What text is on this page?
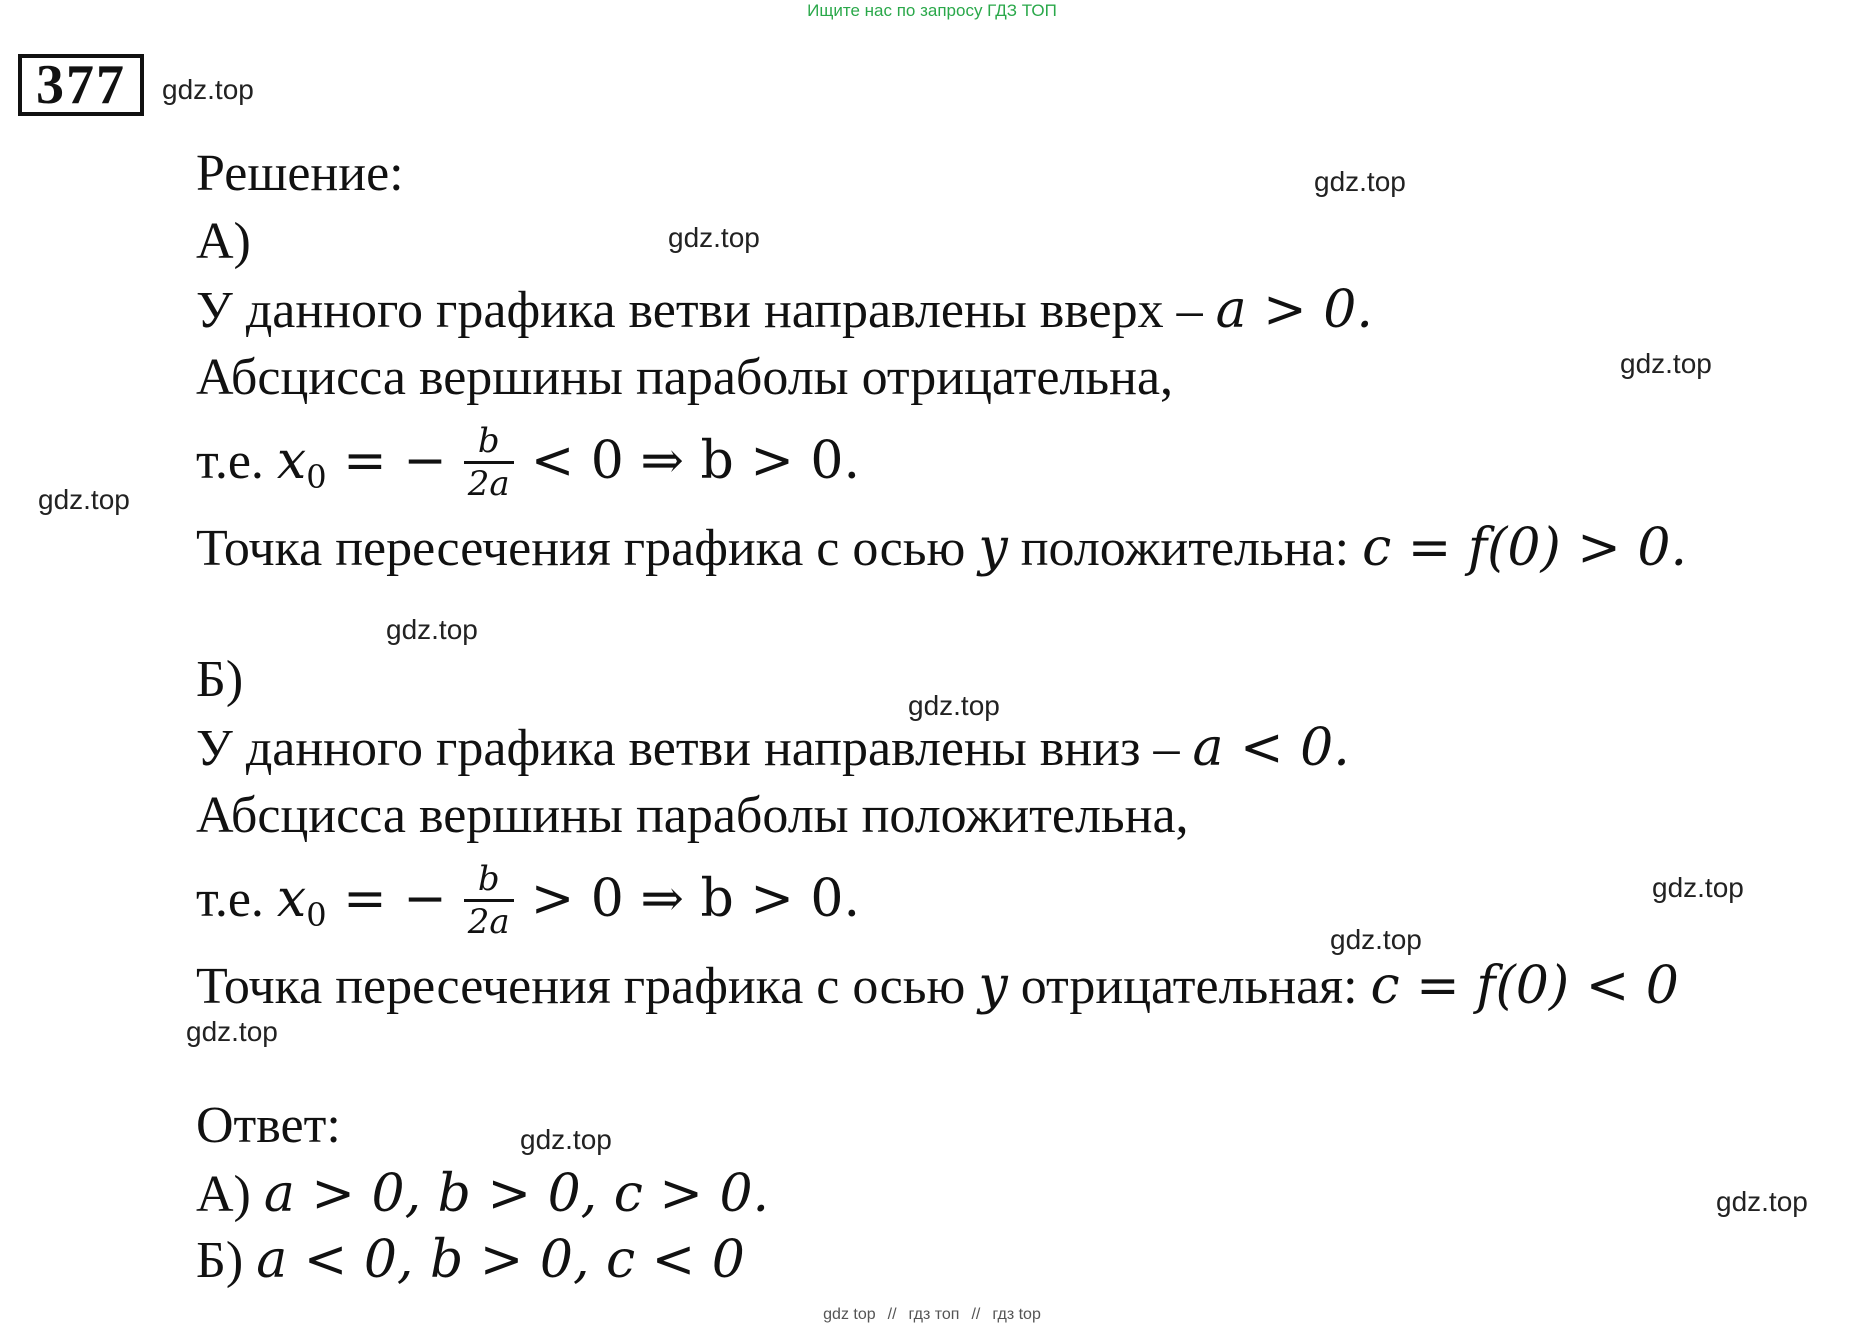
Ищите нас по запросу ГДЗ ТОП
377	gdz.top
gdz.top
gdz.top
gdz.top
gdz.top
gdz.top
gdz.top
gdz.top
gdz.top
gdz.top
gdz.top
gdz.top
Решение:
А)
У данного графика ветви направлены вверх – a > 0.
Абсцисса вершины параболы отрицательна,
т.е. $x_0$ = − $\frac{b}{2a} < 0$ ⇒ b > 0.
Точка пересечения графика с осью y положительна: c = f(0) > 0.
Б)
У данного графика ветви направлены вниз – a < 0.
Абсцисса вершины параболы положительна,
т.е. $x_0$ = − $\frac{b}{2a} > 0$ ⇒ b > 0.
Точка пересечения графика с осью y отрицательная: c = f(0) < 0
Ответ:
А) a > 0, b > 0, c > 0.
Б) a < 0, b > 0, c < 0
gdz top // гдз топ // гдз top
